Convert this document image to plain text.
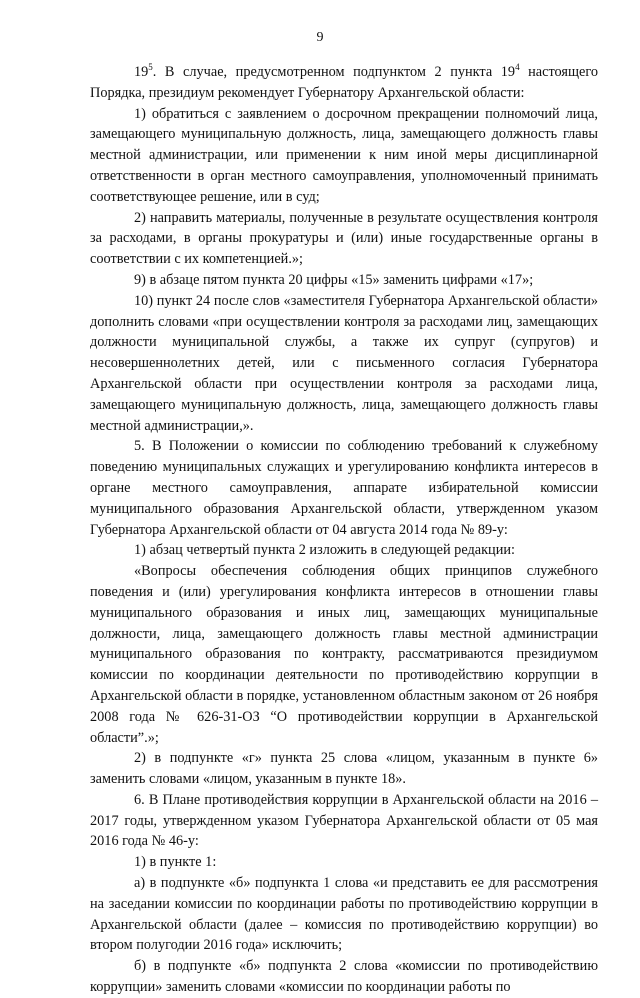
9

$19^5$. В случае, предусмотренном подпунктом 2 пункта $19^4$ настоящего Порядка, президиум рекомендует Губернатору Архангельской области:

1) обратиться с заявлением о досрочном прекращении полномочий лица, замещающего муниципальную должность, лица, замещающего должность главы местной администрации, или применении к ним иной меры дисциплинарной ответственности в орган местного самоуправления, уполномоченный принимать соответствующее решение, или в суд;

2) направить материалы, полученные в результате осуществления контроля за расходами, в органы прокуратуры и (или) иные государственные органы в соответствии с их компетенцией.»;

9) в абзаце пятом пункта 20 цифры «15» заменить цифрами «17»;

10) пункт 24 после слов «заместителя Губернатора Архангельской области» дополнить словами «при осуществлении контроля за расходами лиц, замещающих должности муниципальной службы, а также их супруг (супругов) и несовершеннолетних детей, или с письменного согласия Губернатора Архангельской области при осуществлении контроля за расходами лица, замещающего муниципальную должность, лица, замещающего должность главы местной администрации,».

5. В Положении о комиссии по соблюдению требований к служебному поведению муниципальных служащих и урегулированию конфликта интересов в органе местного самоуправления, аппарате избирательной комиссии муниципального образования Архангельской области, утвержденном указом Губернатора Архангельской области от 04 августа 2014 года № 89-у:

1) абзац четвертый пункта 2 изложить в следующей редакции:

«Вопросы обеспечения соблюдения общих принципов служебного поведения и (или) урегулирования конфликта интересов в отношении главы муниципального образования и иных лиц, замещающих муниципальные должности, лица, замещающего должность главы местной администрации муниципального образования по контракту, рассматриваются президиумом комиссии по координации деятельности по противодействию коррупции в Архангельской области в порядке, установленном областным законом от 26 ноября 2008 года № 626-31-ОЗ “О противодействии коррупции в Архангельской области”.»;

2) в подпункте «г» пункта 25 слова «лицом, указанным в пункте 6» заменить словами «лицом, указанным в пункте 18».

6. В Плане противодействия коррупции в Архангельской области на 2016 – 2017 годы, утвержденном указом Губернатора Архангельской области от 05 мая 2016 года № 46-у:

1) в пункте 1:

а) в подпункте «б» подпункта 1 слова «и представить ее для рассмотрения на заседании комиссии по координации работы по противодействию коррупции в Архангельской области (далее – комиссия по противодействию коррупции) во втором полугодии 2016 года» исключить;

б) в подпункте «б» подпункта 2 слова «комиссии по противодействию коррупции» заменить словами «комиссии по координации работы по
